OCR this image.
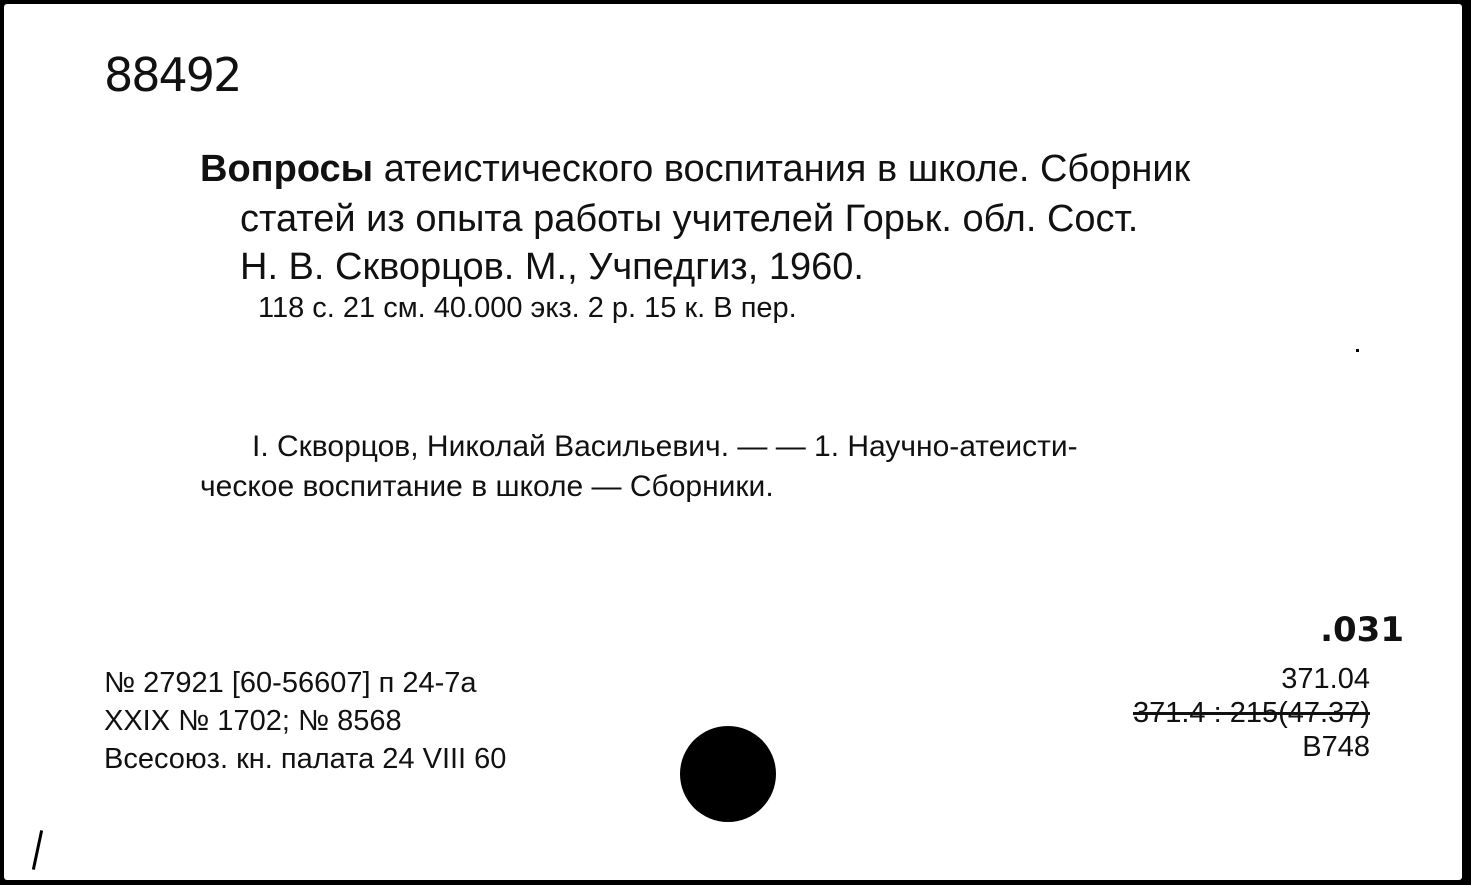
88492
Вопросы атеистического воспитания в школе. Сборник
статей из опыта работы учителей Горьк. обл. Сост.
Н. В. Скворцов. М., Учпедгиз, 1960.
118 с. 21 см. 40.000 экз. 2 р. 15 к. В пер.
I. Скворцов, Николай Васильевич. — — 1. Научно-атеисти-
ческое воспитание в школе — Сборники.
№ 27921 [60-56607] п 24-7а
XXIX № 1702; № 8568
Всесоюз. кн. палата 24 VIII 60
.031
371.04
371.4 : 215(47.37)
В748
